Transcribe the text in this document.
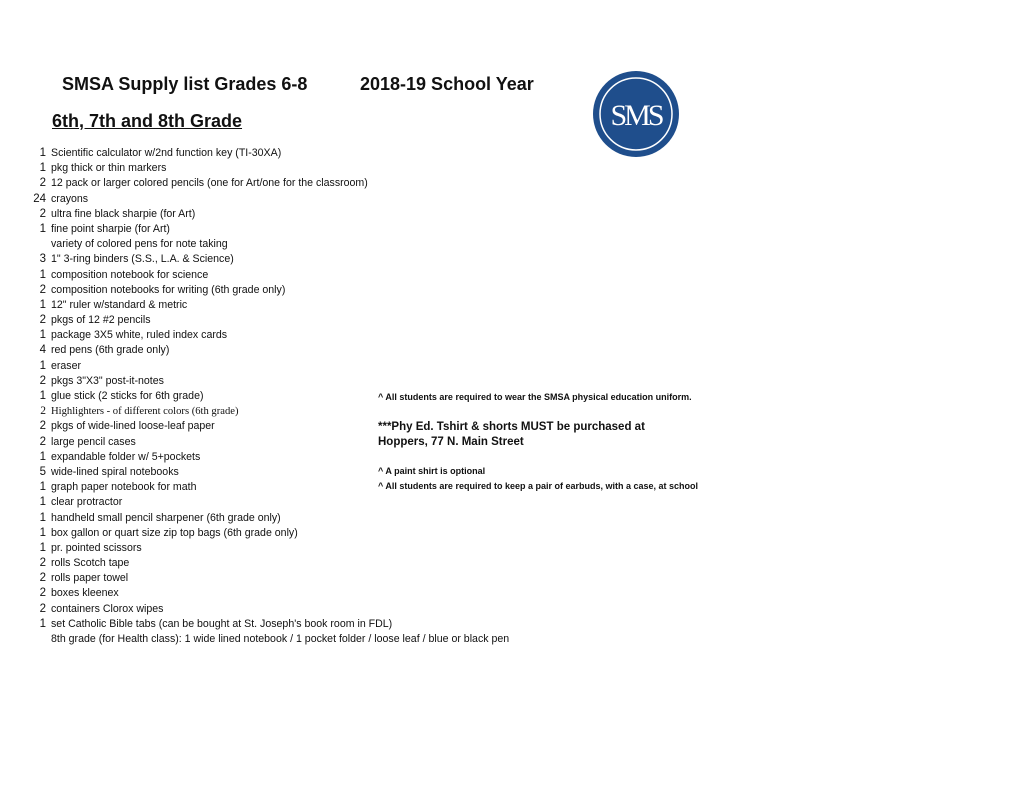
SMSA Supply list Grades 6-8	2018-19 School Year
6th, 7th and 8th Grade	SMS
1 Scientific calculator w/2nd function key (TI-30XA)
1 pkg thick or thin markers
2 12 pack or larger colored pencils (one for Art/one for the classroom)
24 crayons
2 ultra fine black sharpie (for Art)
1 fine point sharpie (for Art)
variety of colored pens for note taking
3 1" 3-ring binders (S.S., L.A. & Science)
1 composition notebook for science
2 composition notebooks for writing (6th grade only)
1 12" ruler w/standard & metric
2 pkgs of 12 #2 pencils
1 package 3X5 white, ruled index cards
4 red pens (6th grade only)
1 eraser
2 pkgs 3"X3" post-it-notes
1 glue stick (2 sticks for 6th grade)
2 Highlighters - of different colors (6th grade)
2 pkgs of wide-lined loose-leaf paper
2 large pencil cases
1 expandable folder w/ 5+pockets
5 wide-lined spiral notebooks
1 graph paper notebook for math
1 clear protractor
1 handheld small pencil sharpener (6th grade only)
1 box gallon or quart size zip top bags (6th grade only)
1 pr. pointed scissors
2 rolls Scotch tape
2 rolls paper towel
2 boxes kleenex
2 containers Clorox wipes
1 set Catholic Bible tabs (can be bought at St. Joseph's book room in FDL)
8th grade (for Health class): 1 wide lined notebook / 1 pocket folder / loose leaf / blue or black pen
^ All students are required to wear the SMSA physical education uniform.
***Phy Ed. Tshirt & shorts MUST be purchased at
Hoppers, 77 N. Main Street
^ A paint shirt is optional
^ All students are required to keep a pair of earbuds, with a case, at school
